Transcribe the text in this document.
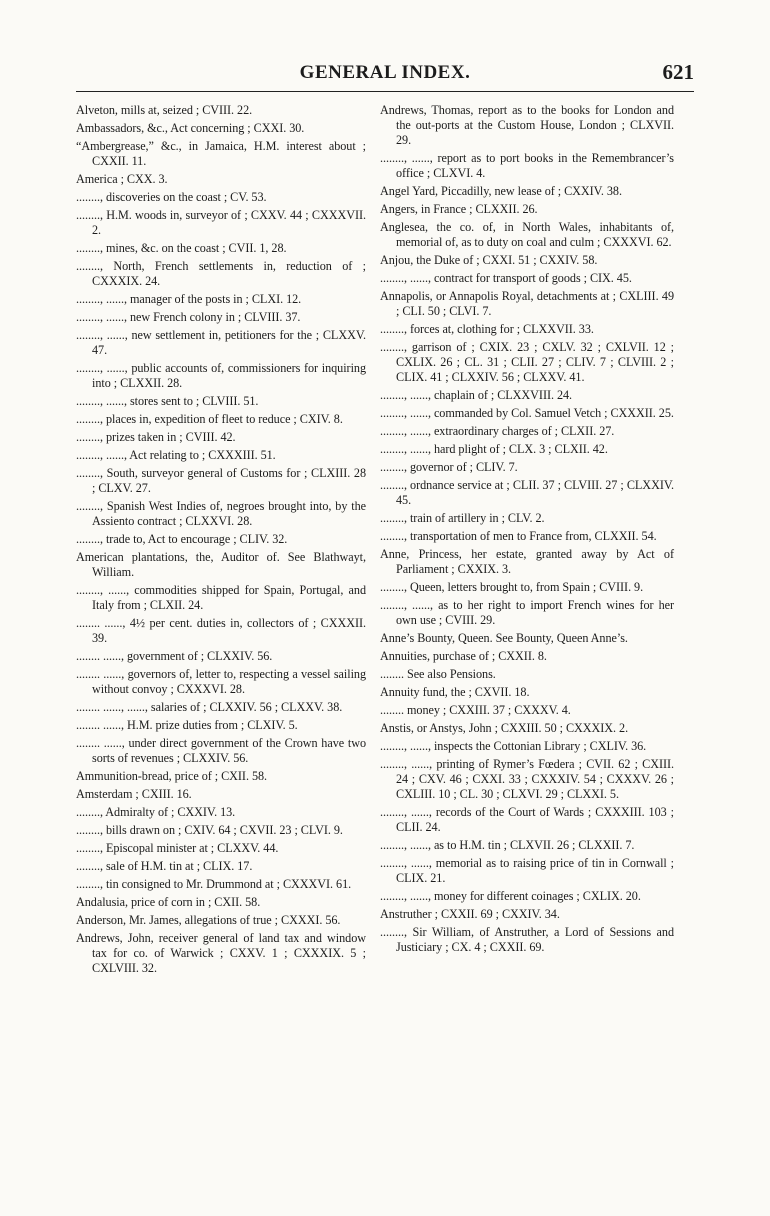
GENERAL INDEX.	621

Alveton, mills at, seized ; CVIII. 22.

Ambassadors, &c., Act concerning ; CXXI. 30.

“Ambergrease,” &c., in Jamaica, H.M. interest about ; CXXII. 11.

America ; CXX. 3.

........, discoveries on the coast ; CV. 53.

........, H.M. woods in, surveyor of ; CXXV. 44 ; CXXXVII. 2.

........, mines, &c. on the coast ; CVII. 1, 28.

........, North, French settlements in, reduction of ; CXXXIX. 24.

........, ......, manager of the posts in ; CLXI. 12.

........, ......, new French colony in ; CLVIII. 37.

........, ......, new settlement in, petitioners for the ; CLXXV. 47.

........, ......, public accounts of, commissioners for inquiring into ; CLXXII. 28.

........, ......, stores sent to ; CLVIII. 51.

........, places in, expedition of fleet to reduce ; CXIV. 8.

........, prizes taken in ; CVIII. 42.

........, ......, Act relating to ; CXXXIII. 51.

........, South, surveyor general of Customs for ; CLXIII. 28 ; CLXV. 27.

........, Spanish West Indies of, negroes brought into, by the Assiento contract ; CLXXVI. 28.

........, trade to, Act to encourage ; CLIV. 32.

American plantations, the, Auditor of. See Blathwayt, William.

........, ......, commodities shipped for Spain, Portugal, and Italy from ; CLXII. 24.

........ ......, 4½ per cent. duties in, collectors of ; CXXXII. 39.

........ ......, government of ; CLXXIV. 56.

........ ......, governors of, letter to, respecting a vessel sailing without convoy ; CXXXVI. 28.

........ ......, ......, salaries of ; CLXXIV. 56 ; CLXXV. 38.

........ ......, H.M. prize duties from ; CLXIV. 5.

........ ......, under direct government of the Crown have two sorts of revenues ; CLXXIV. 56.

Ammunition-bread, price of ; CXII. 58.

Amsterdam ; CXIII. 16.

........, Admiralty of ; CXXIV. 13.

........, bills drawn on ; CXIV. 64 ; CXVII. 23 ; CLVI. 9.

........, Episcopal minister at ; CLXXV. 44.

........, sale of H.M. tin at ; CLIX. 17.

........, tin consigned to Mr. Drummond at ; CXXXVI. 61.

Andalusia, price of corn in ; CXII. 58.

Anderson, Mr. James, allegations of true ; CXXXI. 56.

Andrews, John, receiver general of land tax and window tax for co. of Warwick ; CXXV. 1 ; CXXXIX. 5 ; CXLVIII. 32.

Andrews, Thomas, report as to the books for London and the out-ports at the Custom House, London ; CLXVII. 29.

........, ......, report as to port books in the Remembrancer’s office ; CLXVI. 4.

Angel Yard, Piccadilly, new lease of ; CXXIV. 38.

Angers, in France ; CLXXII. 26.

Anglesea, the co. of, in North Wales, inhabitants of, memorial of, as to duty on coal and culm ; CXXXVI. 62.

Anjou, the Duke of ; CXXI. 51 ; CXXIV. 58.

........, ......, contract for transport of goods ; CIX. 45.

Annapolis, or Annapolis Royal, detachments at ; CXLIII. 49 ; CLI. 50 ; CLVI. 7.

........, forces at, clothing for ; CLXXVII. 33.

........, garrison of ; CXIX. 23 ; CXLV. 32 ; CXLVII. 12 ; CXLIX. 26 ; CL. 31 ; CLII. 27 ; CLIV. 7 ; CLVIII. 2 ; CLIX. 41 ; CLXXIV. 56 ; CLXXV. 41.

........, ......, chaplain of ; CLXXVIII. 24.

........, ......, commanded by Col. Samuel Vetch ; CXXXII. 25.

........, ......, extraordinary charges of ; CLXII. 27.

........, ......, hard plight of ; CLX. 3 ; CLXII. 42.

........, governor of ; CLIV. 7.

........, ordnance service at ; CLII. 37 ; CLVIII. 27 ; CLXXIV. 45.

........, train of artillery in ; CLV. 2.

........, transportation of men to France from, CLXXII. 54.

Anne, Princess, her estate, granted away by Act of Parliament ; CXXIX. 3.

........, Queen, letters brought to, from Spain ; CVIII. 9.

........, ......, as to her right to import French wines for her own use ; CVIII. 29.

Anne’s Bounty, Queen. See Bounty, Queen Anne’s.

Annuities, purchase of ; CXXII. 8.

........ See also Pensions.

Annuity fund, the ; CXVII. 18.

........ money ; CXXIII. 37 ; CXXXV. 4.

Anstis, or Anstys, John ; CXXIII. 50 ; CXXXIX. 2.

........, ......, inspects the Cottonian Library ; CXLIV. 36.

........, ......, printing of Rymer’s Fœdera ; CVII. 62 ; CXIII. 24 ; CXV. 46 ; CXXI. 33 ; CXXXIV. 54 ; CXXXV. 26 ; CXLIII. 10 ; CL. 30 ; CLXVI. 29 ; CLXXI. 5.

........, ......, records of the Court of Wards ; CXXXIII. 103 ; CLII. 24.

........, ......, as to H.M. tin ; CLXVII. 26 ; CLXXII. 7.

........, ......, memorial as to raising price of tin in Cornwall ; CLIX. 21.

........, ......, money for different coinages ; CXLIX. 20.

Anstruther ; CXXII. 69 ; CXXIV. 34.

........, Sir William, of Anstruther, a Lord of Sessions and Justiciary ; CX. 4 ; CXXII. 69.
